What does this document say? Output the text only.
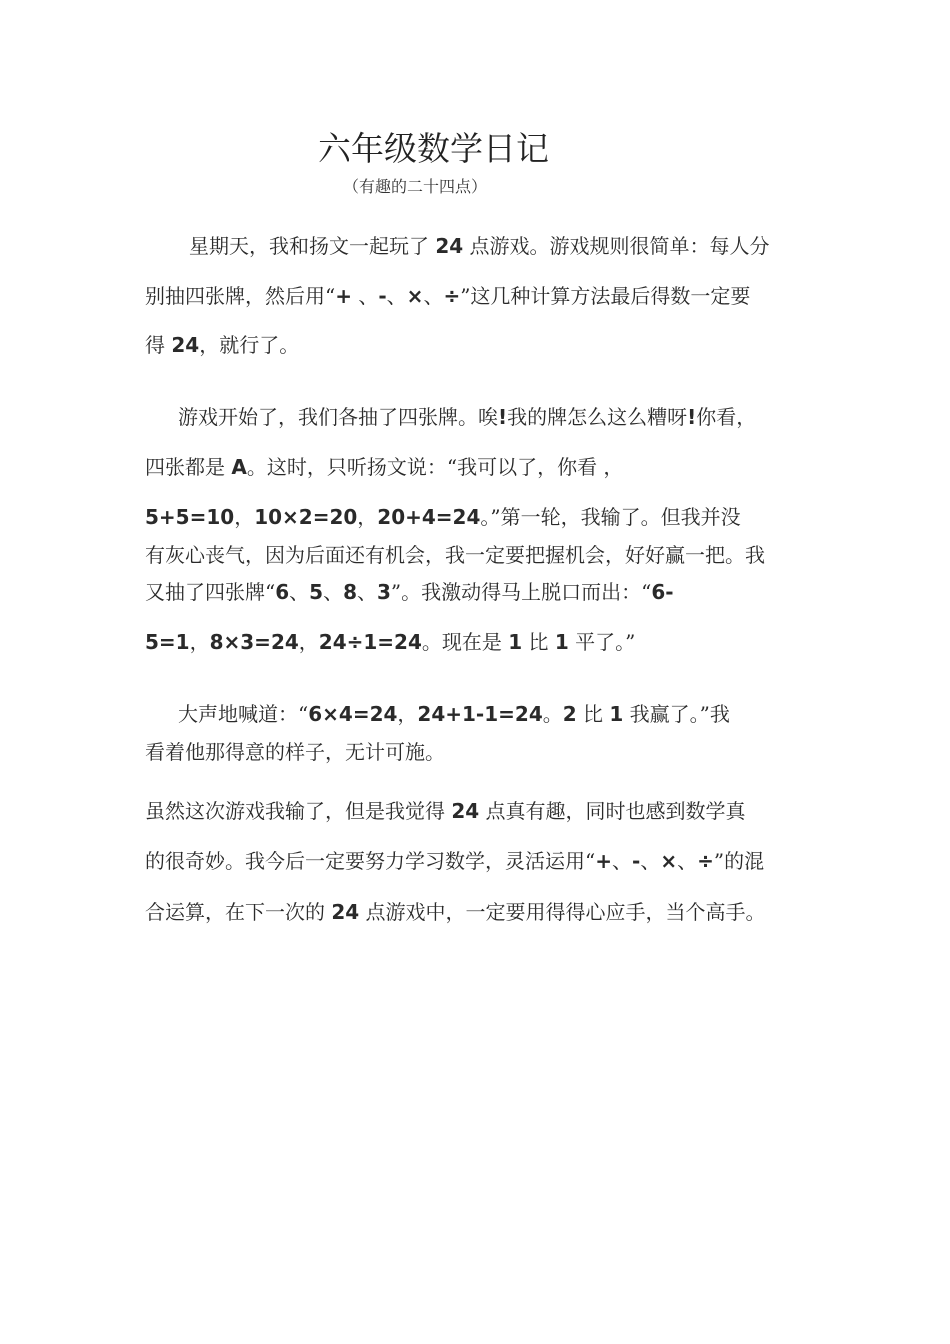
六年级数学日记
（有趣的二十四点）
星期天，我和扬文一起玩了 24 点游戏。游戏规则很简单：每人分
别抽四张牌，然后用“+ 、-、×、÷”这几种计算方法最后得数一定要
得 24，就行了。
游戏开始了，我们各抽了四张牌。唉!我的牌怎么这么糟呀!你看，
四张都是 A。这时，只听扬文说：“我可以了，你看 ，
5+5=10，10×2=20，20+4=24。”第一轮，我输了。但我并没
有灰心丧气，因为后面还有机会，我一定要把握机会，好好赢一把。我
又抽了四张牌“6、5、8、3”。我激动得马上脱口而出：“6-
5=1，8×3=24，24÷1=24。现在是 1 比 1 平了。”
大声地喊道：“6×4=24，24+1-1=24。2 比 1 我赢了。”我
看着他那得意的样子，无计可施。
虽然这次游戏我输了，但是我觉得 24 点真有趣，同时也感到数学真
的很奇妙。我今后一定要努力学习数学，灵活运用“+、-、×、÷”的混
合运算，在下一次的 24 点游戏中，一定要用得得心应手，当个高手。
